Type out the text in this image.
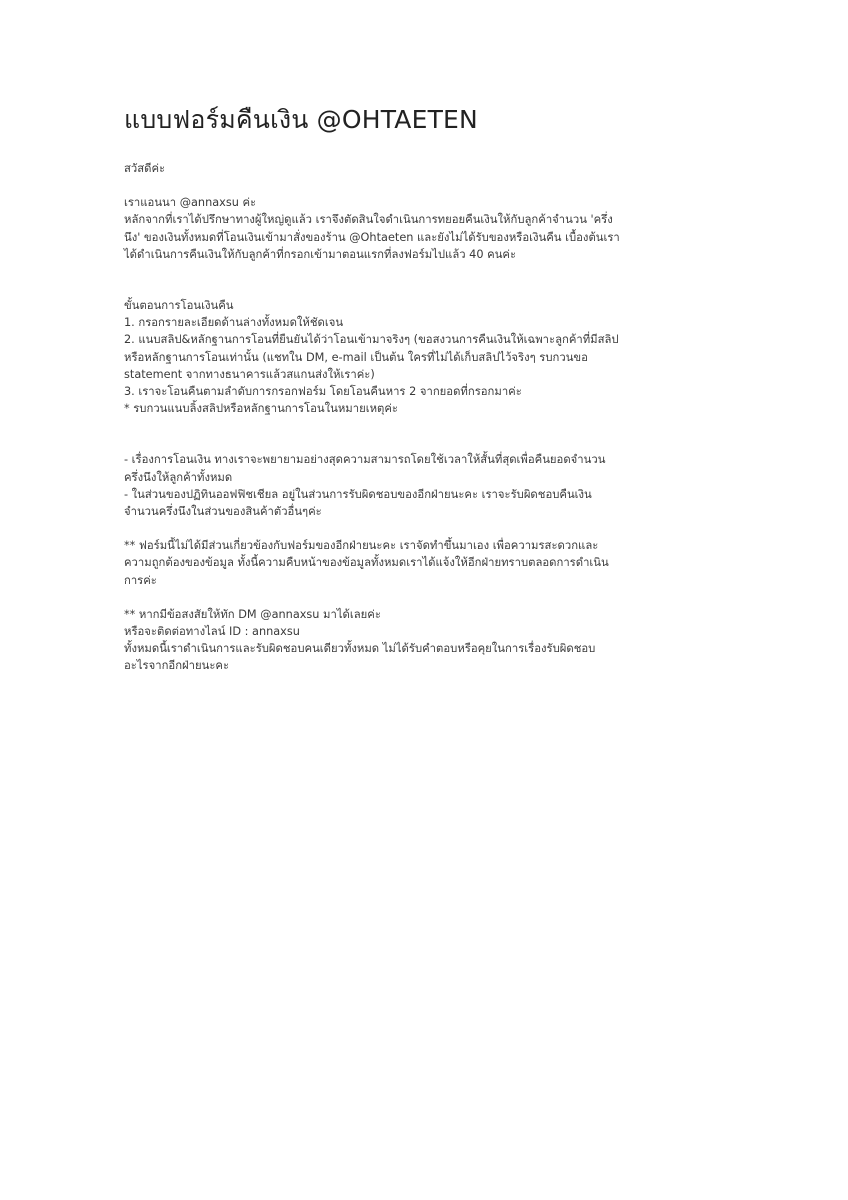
แบบฟอร์มคืนเงิน @OHTAETEN

สวัสดีค่ะ

เราแอนนา @annaxsu ค่ะ
หลักจากที่เราได้ปรึกษาทางผู้ใหญ่ดูแล้ว เราจึงตัดสินใจดำเนินการทยอยคืนเงินให้กับลูกค้าจำนวน 'ครึ่ง
นึง' ของเงินทั้งหมดที่โอนเงินเข้ามาสั่งของร้าน @Ohtaeten และยังไม่ได้รับของหรือเงินคืน เบื้องต้นเรา
ได้ดำเนินการคืนเงินให้กับลูกค้าที่กรอกเข้ามาตอนแรกที่ลงฟอร์มไปแล้ว 40 คนค่ะ

ขั้นตอนการโอนเงินคืน
1. กรอกรายละเอียดด้านล่างทั้งหมดให้ชัดเจน
2. แนบสลิป&หลักฐานการโอนที่ยืนยันได้ว่าโอนเข้ามาจริงๆ (ขอสงวนการคืนเงินให้เฉพาะลูกค้าที่มีสลิป
หรือหลักฐานการโอนเท่านั้น (แชทใน DM, e-mail เป็นต้น ใครที่ไม่ได้เก็บสลิปไว้จริงๆ รบกวนขอ
statement จากทางธนาคารแล้วสแกนส่งให้เราค่ะ)
3. เราจะโอนคืนตามลำดับการกรอกฟอร์ม โดยโอนคืนหาร 2 จากยอดที่กรอกมาค่ะ
* รบกวนแนบลิ้งสลิปหรือหลักฐานการโอนในหมายเหตุค่ะ

- เรื่องการโอนเงิน ทางเราจะพยายามอย่างสุดความสามารถโดยใช้เวลาให้สั้นที่สุดเพื่อคืนยอดจำนวน
ครึ่งนึงให้ลูกค้าทั้งหมด
- ในส่วนของปฏิทินออฟฟิชเชียล อยู่ในส่วนการรับผิดชอบของอีกฝ่ายนะคะ เราจะรับผิดชอบคืนเงิน
จำนวนครึ่งนึงในส่วนของสินค้าตัวอื่นๆค่ะ

** ฟอร์มนี้ไม่ได้มีส่วนเกี่ยวข้องกับฟอร์มของอีกฝ่ายนะคะ เราจัดทำขึ้นมาเอง เพื่อความรสะดวกและ
ความถูกต้องของข้อมูล ทั้งนี้ความคืบหน้าของข้อมูลทั้งหมดเราได้แจ้งให้อีกฝ่ายทราบตลอดการดำเนิน
การค่ะ

** หากมีข้อสงสัยให้ทัก DM @annaxsu มาได้เลยค่ะ
หรือจะติดต่อทางไลน์ ID : annaxsu
ทั้งหมดนี้เราดำเนินการและรับผิดชอบคนเดียวทั้งหมด ไม่ได้รับคำตอบหรือคุยในการเรื่องรับผิดชอบ
อะไรจากอีกฝ่ายนะคะ
